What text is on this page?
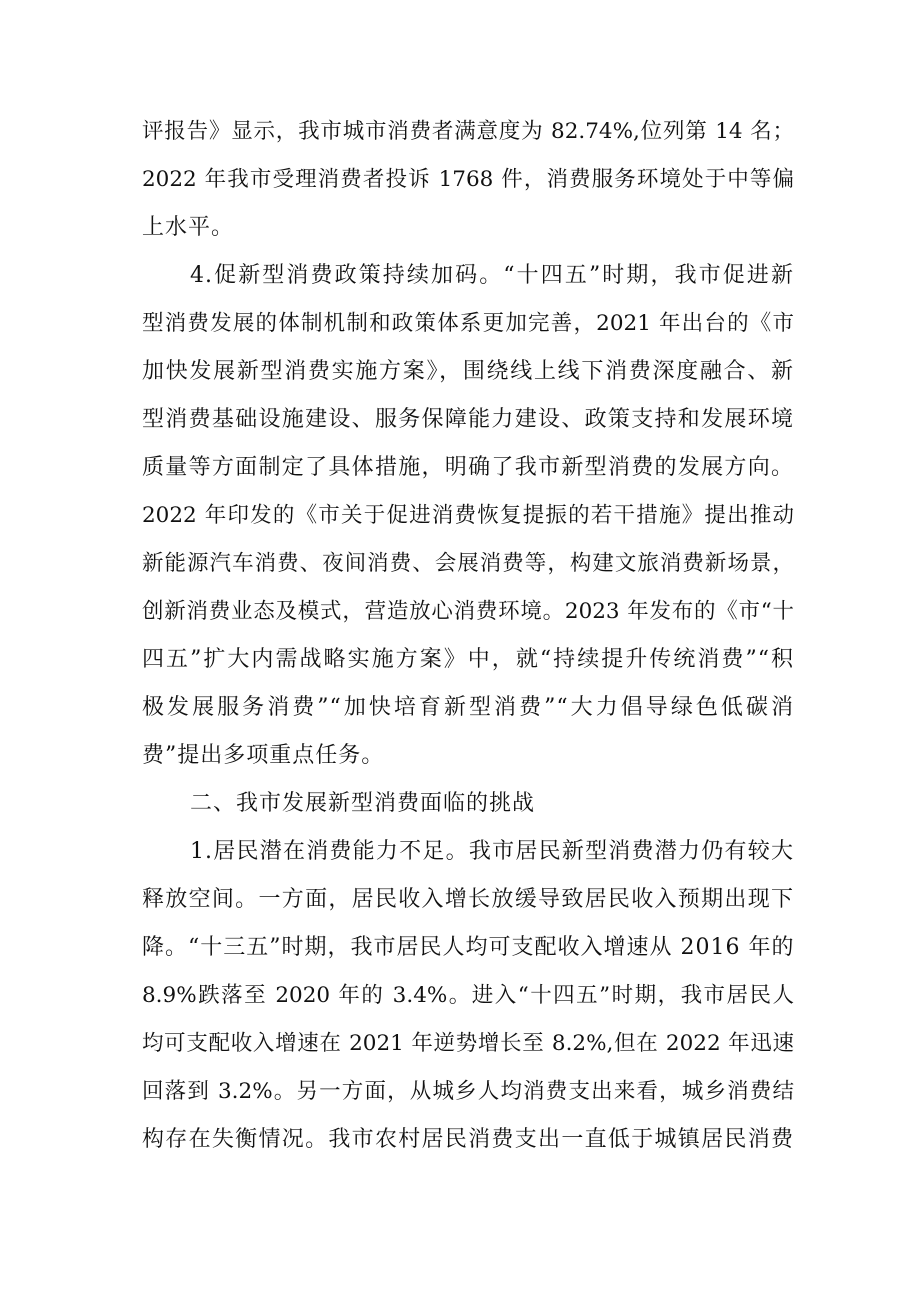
评报告》显示，我市城市消费者满意度为 82.74%,位列第 14 名；
2022 年我市受理消费者投诉 1768 件，消费服务环境处于中等偏
上水平。
4.促新型消费政策持续加码。“十四五”时期，我市促进新
型消费发展的体制机制和政策体系更加完善，2021 年出台的《市
加快发展新型消费实施方案》，围绕线上线下消费深度融合、新
型消费基础设施建设、服务保障能力建设、政策支持和发展环境
质量等方面制定了具体措施，明确了我市新型消费的发展方向。
2022 年印发的《市关于促进消费恢复提振的若干措施》提出推动
新能源汽车消费、夜间消费、会展消费等，构建文旅消费新场景，
创新消费业态及模式，营造放心消费环境。2023 年发布的《市“十
四五”扩大内需战略实施方案》中，就“持续提升传统消费”“积
极发展服务消费”“加快培育新型消费”“大力倡导绿色低碳消
费”提出多项重点任务。
二、我市发展新型消费面临的挑战
1.居民潜在消费能力不足。我市居民新型消费潜力仍有较大
释放空间。一方面，居民收入增长放缓导致居民收入预期出现下
降。“十三五”时期，我市居民人均可支配收入增速从 2016 年的
8.9%跌落至 2020 年的 3.4%。进入“十四五”时期，我市居民人
均可支配收入增速在 2021 年逆势增长至 8.2%,但在 2022 年迅速
回落到 3.2%。另一方面，从城乡人均消费支出来看，城乡消费结
构存在失衡情况。我市农村居民消费支出一直低于城镇居民消费
